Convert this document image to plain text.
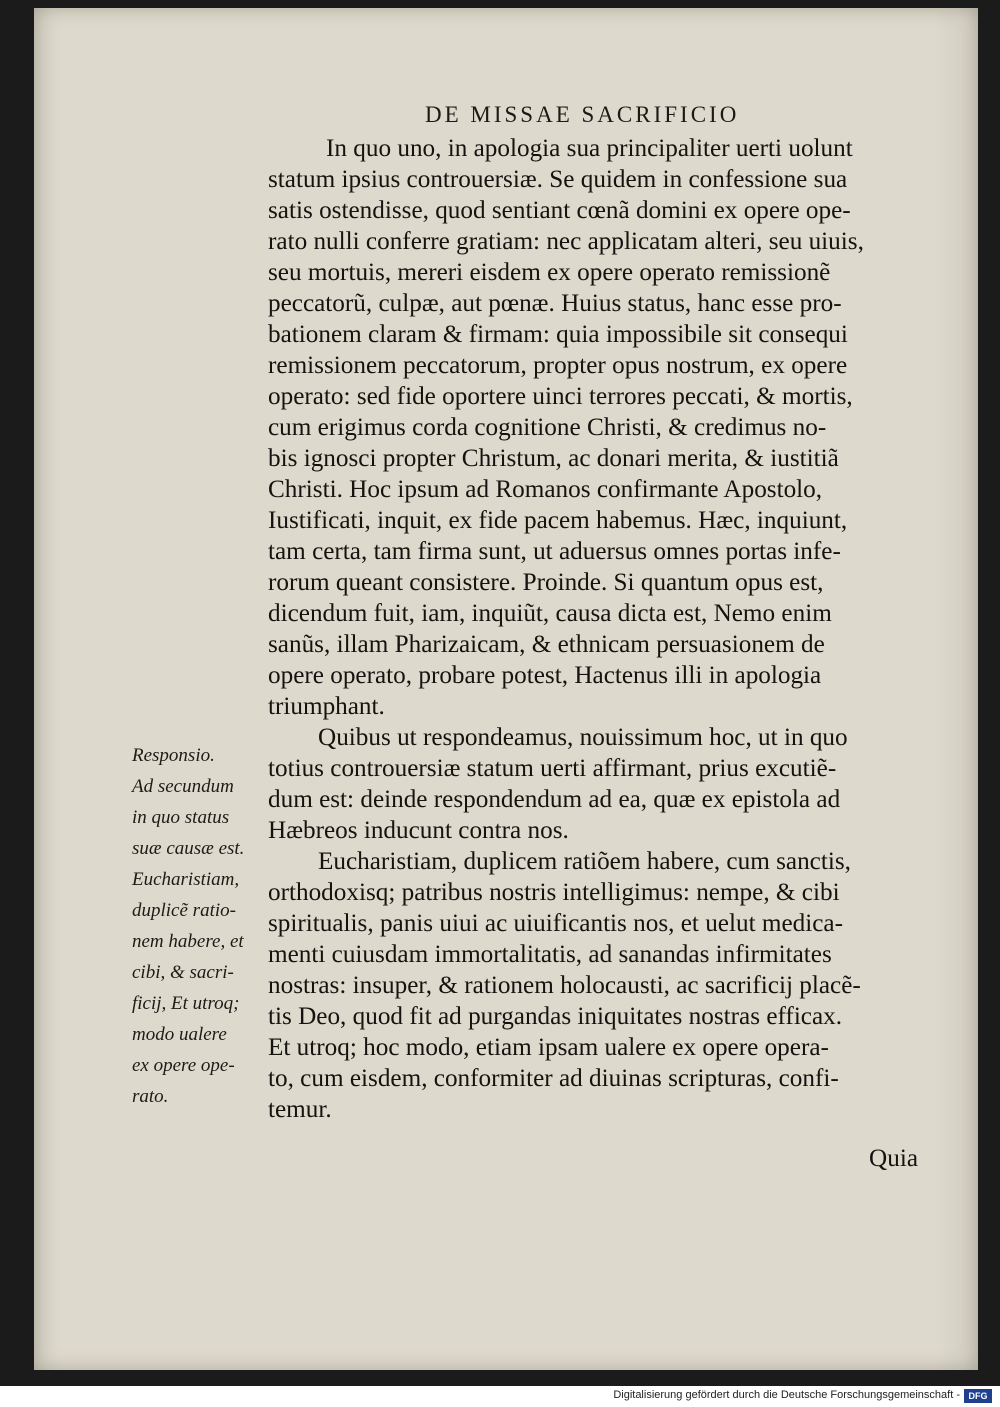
DE MISSAE SACRIFICIO
In quo uno, in apologia sua principaliter uerti uolunt
statum ipsius controuersiæ. Se quidem in confessione sua
satis ostendisse, quod sentiant cœnã domini ex opere ope-
rato nulli conferre gratiam: nec applicatam alteri, seu uiuis,
seu mortuis, mereri eisdem ex opere operato remissionẽ
peccatorũ, culpæ, aut pœnæ. Huius status, hanc esse pro-
bationem claram & firmam: quia impossibile sit consequi
remissionem peccatorum, propter opus nostrum, ex opere
operato: sed fide oportere uinci terrores peccati, & mortis,
cum erigimus corda cognitione Christi, & credimus no-
bis ignosci propter Christum, ac donari merita, & iustitiã
Christi. Hoc ipsum ad Romanos confirmante Apostolo,
Iustificati, inquit, ex fide pacem habemus. Hæc, inquiunt,
tam certa, tam firma sunt, ut aduersus omnes portas infe-
rorum queant consistere. Proinde. Si quantum opus est,
dicendum fuit, iam, inquiũt, causa dicta est, Nemo enim
sanũs, illam Pharizaicam, & ethnicam persuasionem de
opere operato, probare potest, Hactenus illi in apologia
triumphant.
Quibus ut respondeamus, nouissimum hoc, ut in quo
totius controuersiæ statum uerti affirmant, prius excutiẽ-
dum est: deinde respondendum ad ea, quæ ex epistola ad
Hæbreos inducunt contra nos.
Eucharistiam, duplicem ratiõem habere, cum sanctis,
orthodoxisq; patribus nostris intelligimus: nempe, & cibi
spiritualis, panis uiui ac uiuificantis nos, et uelut medica-
menti cuiusdam immortalitatis, ad sanandas infirmitates
nostras: insuper, & rationem holocausti, ac sacrificij placẽ-
tis Deo, quod fit ad purgandas iniquitates nostras efficax.
Et utroq; hoc modo, etiam ipsam ualere ex opere opera-
to, cum eisdem, conformiter ad diuinas scripturas, confi-
temur.
Quia
Responsio.
Ad secundum
in quo status
suæ causæ est.
Eucharistiam,
duplicẽ ratio-
nem habere, et
cibi, & sacri-
ficij, Et utroq;
modo ualere
ex opere ope-
rato.
Digitalisierung gefördert durch die Deutsche Forschungsgemeinschaft - DFG
